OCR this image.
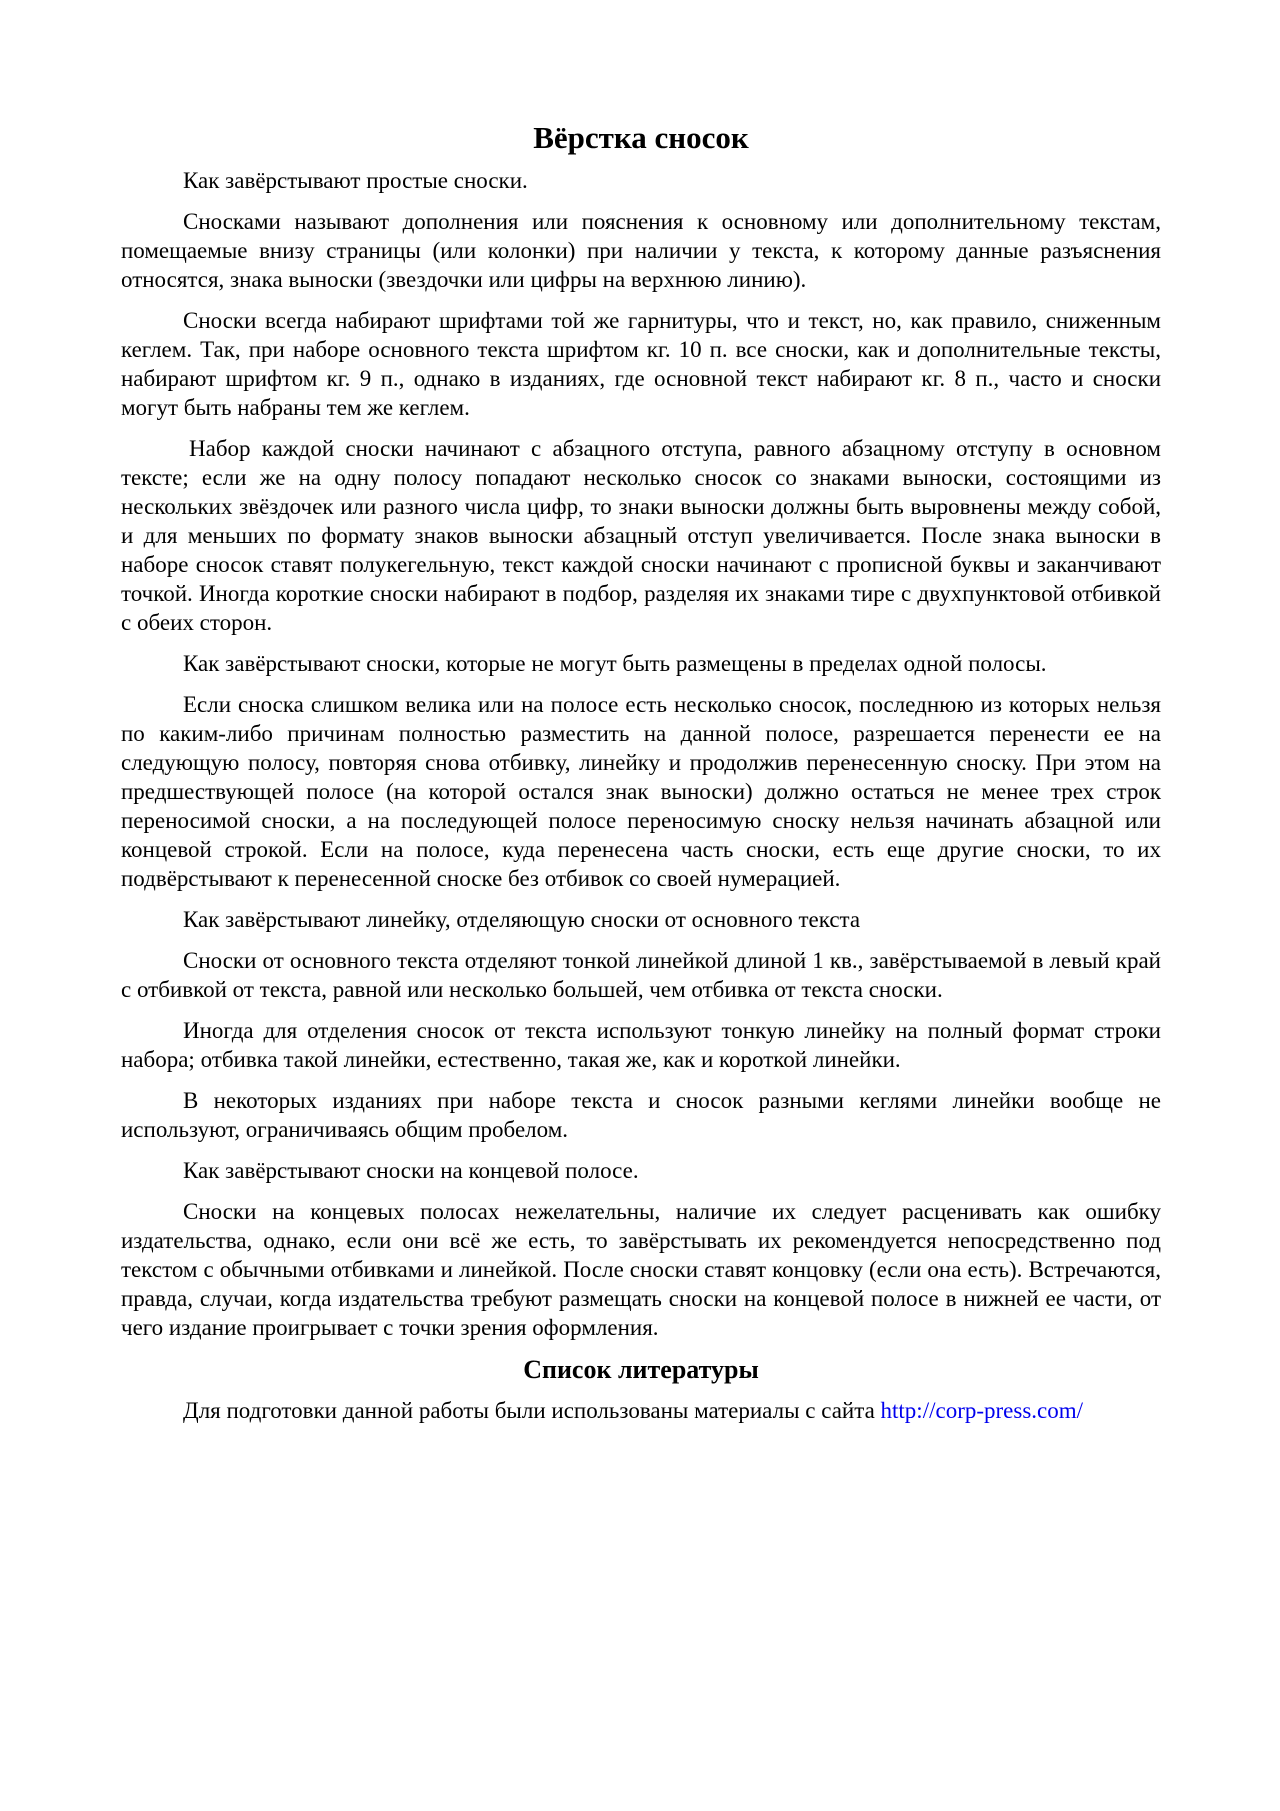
Вёрстка сносок

Как завёрстывают простые сноски.

Сносками называют дополнения или пояснения к основному или дополнительному текстам, помещаемые внизу страницы (или колонки) при наличии у текста, к которому данные разъяснения относятся, знака выноски (звездочки или цифры на верхнюю линию).

Сноски всегда набирают шрифтами той же гарнитуры, что и текст, но, как правило, сниженным кеглем. Так, при наборе основного текста шрифтом кг. 10 п. все сноски, как и дополнительные тексты, набирают шрифтом кг. 9 п., однако в изданиях, где основной текст набирают кг. 8 п., часто и сноски могут быть набраны тем же кеглем.

Набор каждой сноски начинают с абзацного отступа, равного абзацному отступу в основном тексте; если же на одну полосу попадают несколько сносок со знаками выноски, состоящими из нескольких звёздочек или разного числа цифр, то знаки выноски должны быть выровнены между собой, и для меньших по формату знаков выноски абзацный отступ увеличивается. После знака выноски в наборе сносок ставят полукегельную, текст каждой сноски начинают с прописной буквы и заканчивают точкой. Иногда короткие сноски набирают в подбор, разделяя их знаками тире с двухпунктовой отбивкой с обеих сторон.

Как завёрстывают сноски, которые не могут быть размещены в пределах одной полосы.

Если сноска слишком велика или на полосе есть несколько сносок, последнюю из которых нельзя по каким-либо причинам полностью разместить на данной полосе, разрешается перенести ее на следующую полосу, повторяя снова отбивку, линейку и продолжив перенесенную сноску. При этом на предшествующей полосе (на которой остался знак выноски) должно остаться не менее трех строк переносимой сноски, а на последующей полосе переносимую сноску нельзя начинать абзацной или концевой строкой. Если на полосе, куда перенесена часть сноски, есть еще другие сноски, то их подвёрстывают к перенесенной сноске без отбивок со своей нумерацией.

Как завёрстывают линейку, отделяющую сноски от основного текста

Сноски от основного текста отделяют тонкой линейкой длиной 1 кв., завёрстываемой в левый край с отбивкой от текста, равной или несколько большей, чем отбивка от текста сноски.

Иногда для отделения сносок от текста используют тонкую линейку на полный формат строки набора; отбивка такой линейки, естественно, такая же, как и короткой линейки.

В некоторых изданиях при наборе текста и сносок разными кеглями линейки вообще не используют, ограничиваясь общим пробелом.

Как завёрстывают сноски на концевой полосе.

Сноски на концевых полосах нежелательны, наличие их следует расценивать как ошибку издательства, однако, если они всё же есть, то завёрстывать их рекомендуется непосредственно под текстом с обычными отбивками и линейкой. После сноски ставят концовку (если она есть). Встречаются, правда, случаи, когда издательства требуют размещать сноски на концевой полосе в нижней ее части, от чего издание проигрывает с точки зрения оформления.

Список литературы

Для подготовки данной работы были использованы материалы с сайта http://corp-press.com/
